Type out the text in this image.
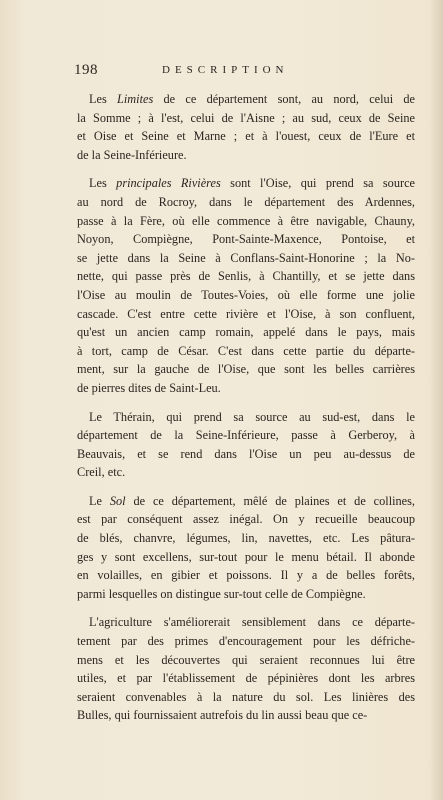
198	DESCRIPTION
Les Limites de ce département sont, au nord, celui de
la Somme ; à l'est, celui de l'Aisne ; au sud, ceux de Seine
et Oise et Seine et Marne ; et à l'ouest, ceux de l'Eure et
de la Seine-Inférieure.
Les principales Rivières sont l'Oise, qui prend sa source
au nord de Rocroy, dans le département des Ardennes,
passe à la Fère, où elle commence à être navigable, Chauny,
Noyon, Compiègne, Pont-Sainte-Maxence, Pontoise, et
se jette dans la Seine à Conflans-Saint-Honorine ; la No-
nette, qui passe près de Senlis, à Chantilly, et se jette dans
l'Oise au moulin de Toutes-Voies, où elle forme une jolie
cascade. C'est entre cette rivière et l'Oise, à son confluent,
qu'est un ancien camp romain, appelé dans le pays, mais
à tort, camp de César. C'est dans cette partie du départe-
ment, sur la gauche de l'Oise, que sont les belles carrières
de pierres dites de Saint-Leu.
Le Thérain, qui prend sa source au sud-est, dans le
département de la Seine-Inférieure, passe à Gerberoy, à
Beauvais, et se rend dans l'Oise un peu au-dessus de
Creil, etc.
Le Sol de ce département, mêlé de plaines et de collines,
est par conséquent assez inégal. On y recueille beaucoup
de blés, chanvre, légumes, lin, navettes, etc. Les pâtura-
ges y sont excellens, sur-tout pour le menu bétail. Il abonde
en volailles, en gibier et poissons. Il y a de belles forêts,
parmi lesquelles on distingue sur-tout celle de Compiègne.
L'agriculture s'améliorerait sensiblement dans ce départe-
tement par des primes d'encouragement pour les défriche-
mens et les découvertes qui seraient reconnues lui être
utiles, et par l'établissement de pépinières dont les arbres
seraient convenables à la nature du sol. Les linières des
Bulles, qui fournissaient autrefois du lin aussi beau que ce-
